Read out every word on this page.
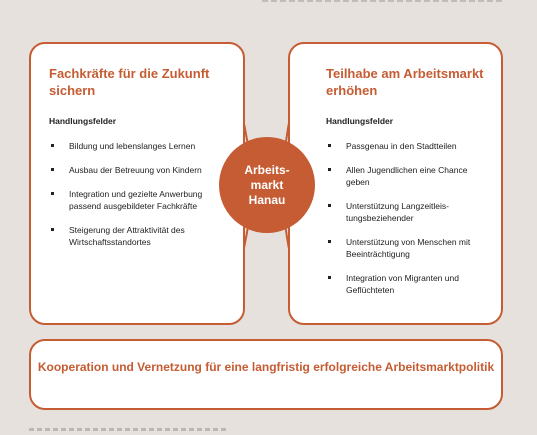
Fachkräfte für die Zukunft sichern
Handlungsfelder
Bildung und lebenslanges Lernen
Ausbau der Betreuung von Kindern
Integration und gezielte Anwerbung passend ausgebildeter Fachkräfte
Steigerung der Attraktivität des Wirtschaftsstandortes
Teilhabe am Arbeitsmarkt erhöhen
Handlungsfelder
Passgenau in den Stadtteilen
Allen Jugendlichen eine Chance geben
Unterstützung Langzeitleis-tungsbeziehender
Unterstützung von Menschen mit Beeinträchtigung
Integration von Migranten und Geflüchteten
Arbeits-
markt
Hanau
Kooperation und Vernetzung für eine langfristig erfolgreiche Arbeitsmarktpolitik
